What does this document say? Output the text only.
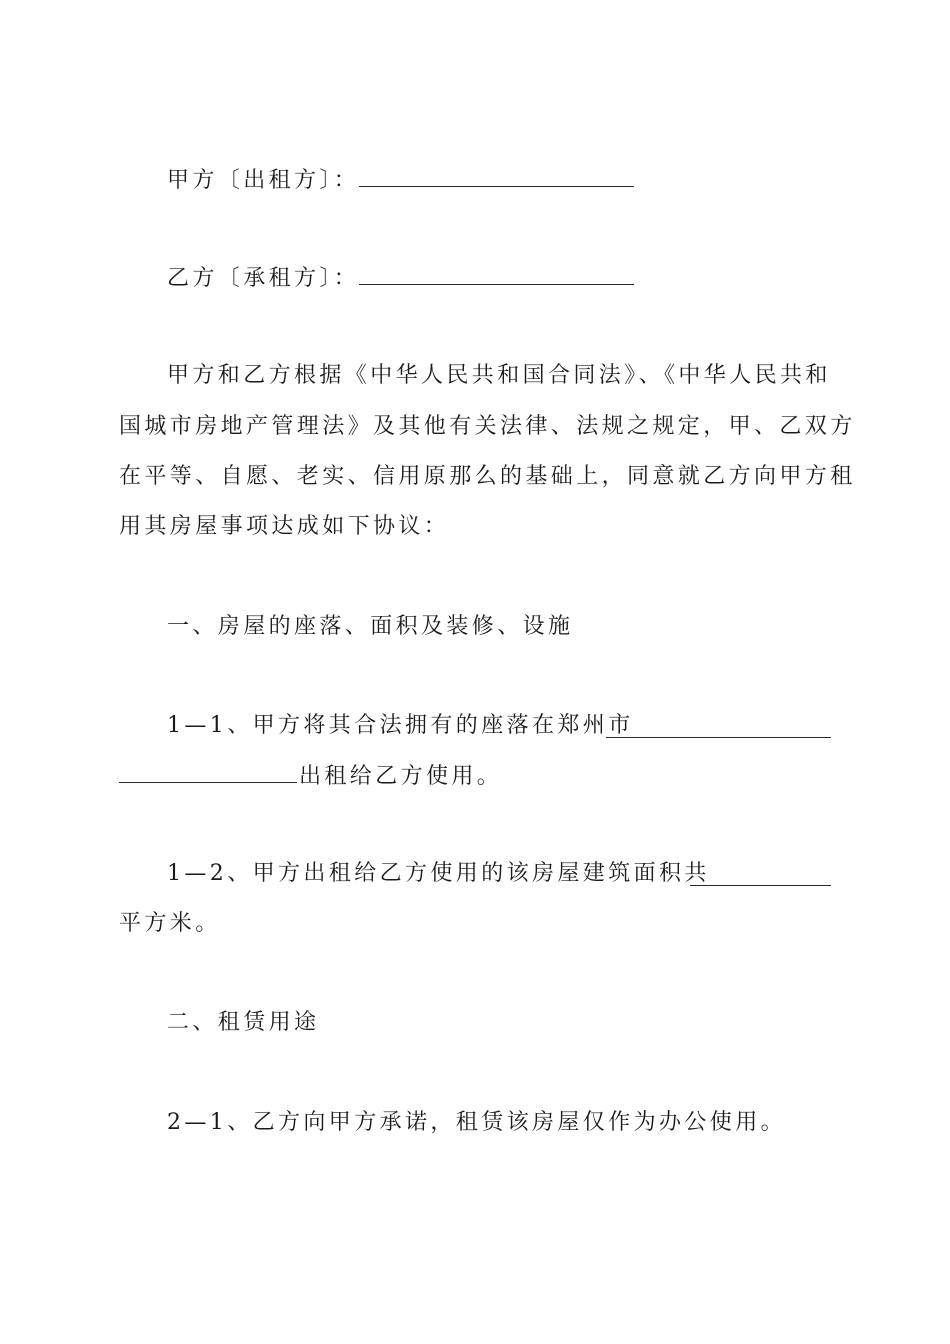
甲方〔出租方〕：
乙方〔承租方〕：
甲方和乙方根据《中华人民共和国合同法》、《中华人民共和
国城市房地产管理法》及其他有关法律、法规之规定，甲、乙双方
在平等、自愿、老实、信用原那么的基础上，同意就乙方向甲方租
用其房屋事项达成如下协议：
一、房屋的座落、面积及装修、设施
1—1、甲方将其合法拥有的座落在郑州市
出租给乙方使用。
1—2、甲方出租给乙方使用的该房屋建筑面积共
平方米。
二、租赁用途
2—1、乙方向甲方承诺，租赁该房屋仅作为办公使用。
